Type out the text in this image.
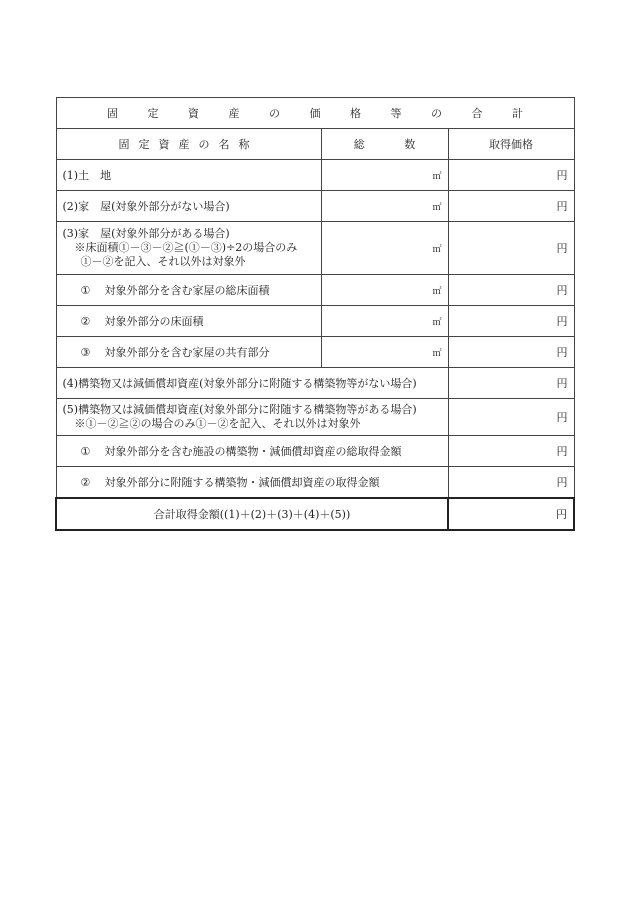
固 定 資 産 の 価 格 等 の 合 計		
固定資産の名称	総 数	取得価格
(1)土　地	㎡	円
(2)家　屋(対象外部分がない場合)	㎡	円

(3)家　屋(対象外部分がある場合)
※床面積①－③－②≧(①－③)÷2の場合のみ
①－②を記入、それ以外は対象外	㎡	円
① 対象外部分を含む家屋の総床面積	㎡	円
② 対象外部分の床面積	㎡	円
③ 対象外部分を含む家屋の共有部分	㎡	円
(4)構築物又は減価償却資産(対象外部分に附随する構築物等がない場合)		円

(5)構築物又は減価償却資産(対象外部分に附随する構築物等がある場合)
※①－②≧②の場合のみ①－②を記入、それ以外は対象外		円
① 対象外部分を含む施設の構築物・減価償却資産の総取得金額		円
② 対象外部分に附随する構築物・減価償却資産の取得金額		円
合計取得金額((1)＋(2)＋(3)＋(4)＋(5))		円
